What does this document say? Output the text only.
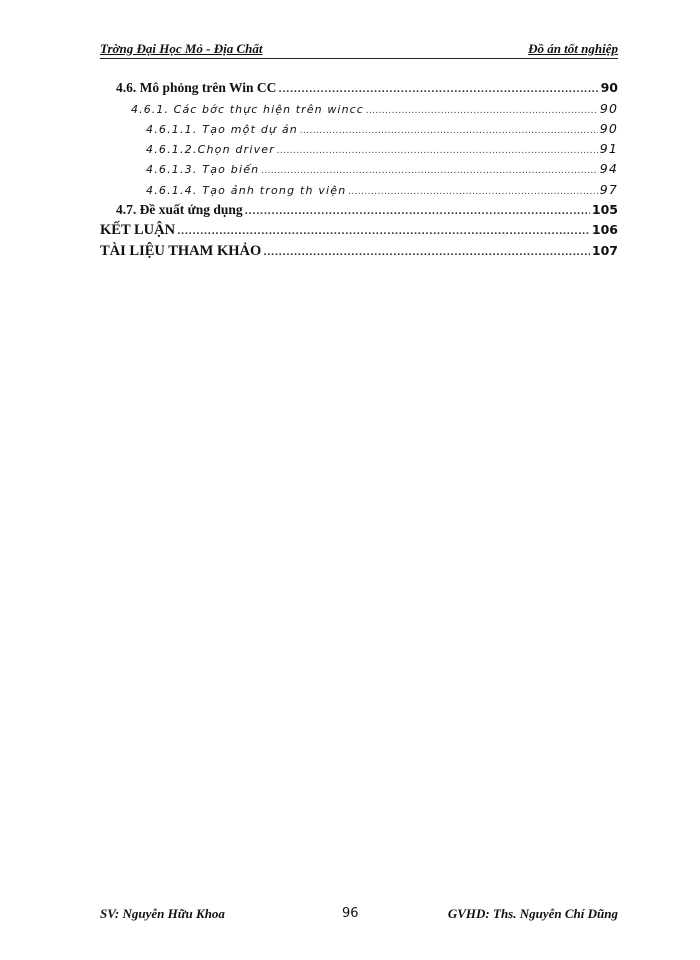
Trờng Đại Học Mỏ - Địa Chất	Đồ án tốt nghiệp
4.6. Mô phỏng trên Win CC .....	90
4.6.1. Các bớc thực hiện trên wincc .....	90
4.6.1.1. Tạo một dự án .....	90
4.6.1.2.Chọn driver .....	91
4.6.1.3. Tạo biến .....	94
4.6.1.4. Tạo ảnh trong th viện .....	97
4.7. Đề xuất ứng dụng .....	105
KẾT LUẬN .....	106
TÀI LIỆU THAM KHẢO .....	107
SV: Nguyễn Hữu Khoa	96	GVHD: Ths. Nguyễn Chí Dũng
